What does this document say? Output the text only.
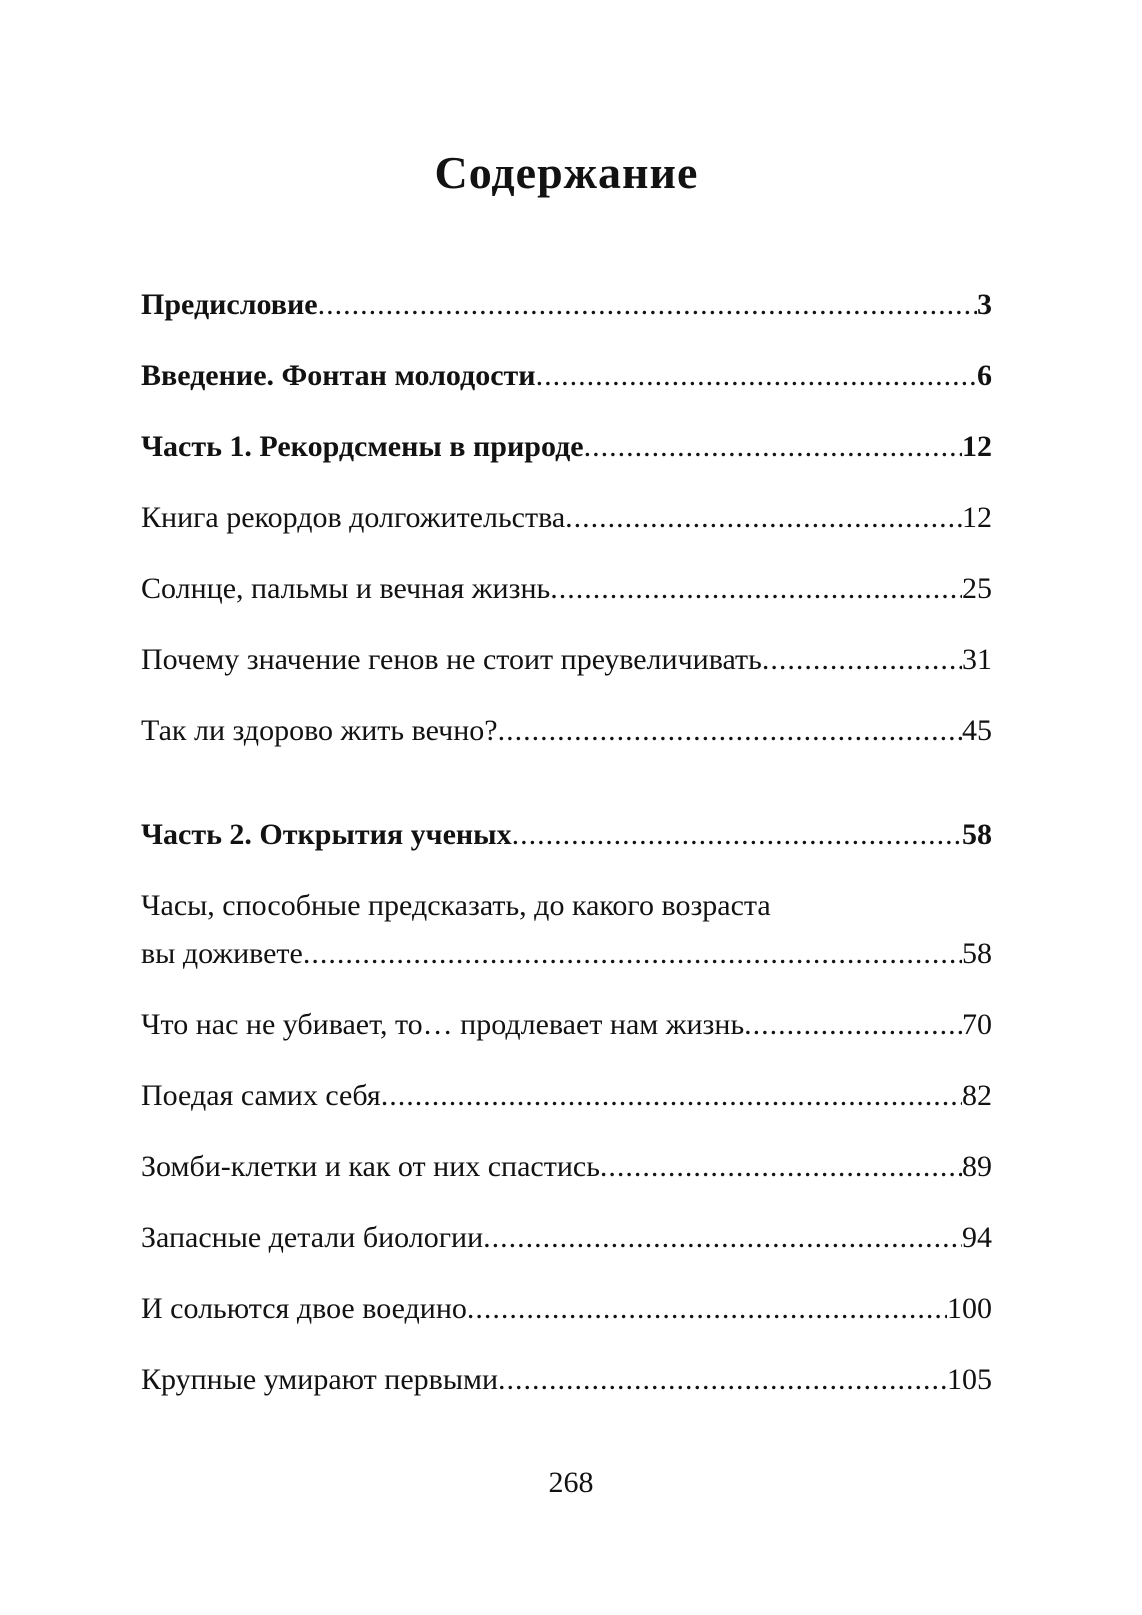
Содержание
Предисловие .....	3
Введение. Фонтан молодости .....	6
Часть 1. Рекордсмены в природе .....	12
Книга рекордов долгожительства .....	12
Солнце, пальмы и вечная жизнь .....	25
Почему значение генов не стоит преувеличивать .....	31
Так ли здорово жить вечно? .....	45
Часть 2. Открытия ученых .....	58
Часы, способные предсказать, до какого возраста
вы доживете .....	58
Что нас не убивает, то… продлевает нам жизнь .....	70
Поедая самих себя .....	82
Зомби-клетки и как от них спастись .....	89
Запасные детали биологии .....	94
И сольются двое воедино .....	100
Крупные умирают первыми .....	105
268
